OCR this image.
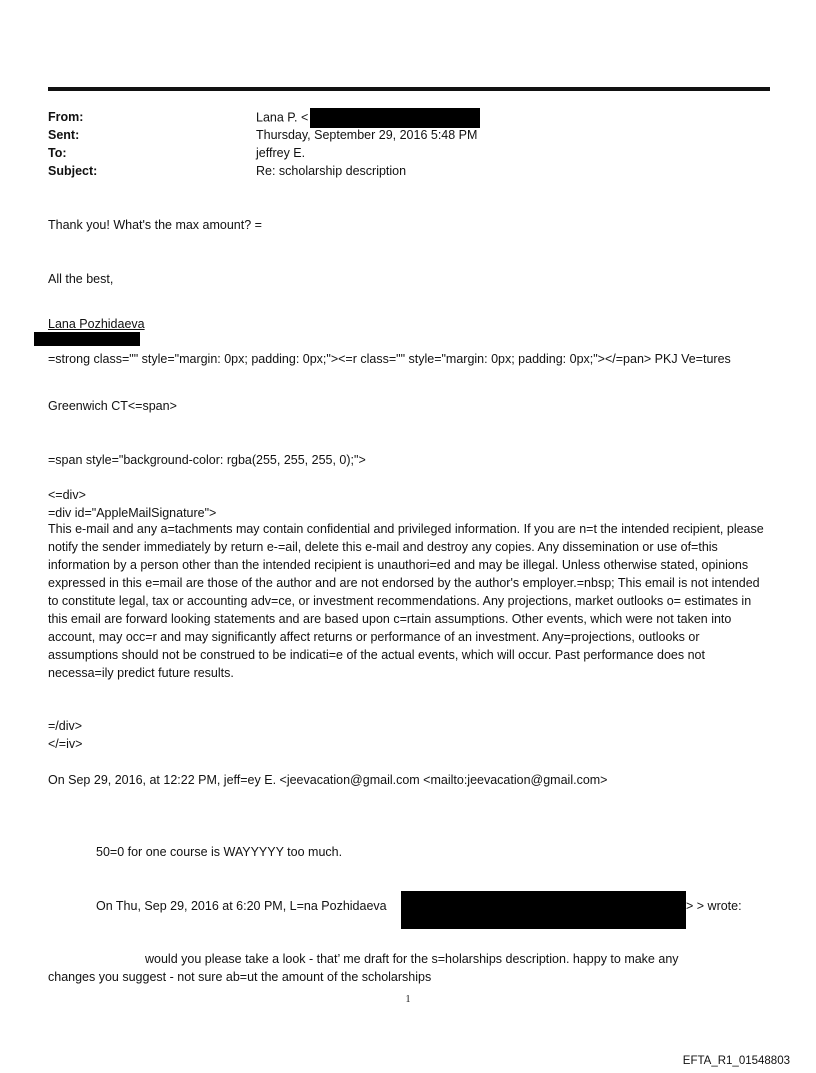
From:	Lana P. <
Sent:	Thursday, September 29, 2016 5:48 PM
To:	jeffrey E.
Subject:	Re: scholarship description
Thank you! What's the max amount? =
All the best,
Lana Pozhidaeva
=strong class="" style="margin: 0px; padding: 0px;"><=r class="" style="margin: 0px; padding: 0px;"></=pan> PKJ Ve=tures
Greenwich CT<=span>
=span style="background-color: rgba(255, 255, 255, 0);">
<=div>
=div id="AppleMailSignature">
This e-mail and any a=tachments may contain confidential and privileged information. If you are n=t the intended recipient, please notify the sender immediately by return e-=ail, delete this e-mail and destroy any copies. Any dissemination or use of=this information by a person other than the intended recipient is unauthori=ed and may be illegal. Unless otherwise stated, opinions expressed in this e=mail are those of the author and are not endorsed by the author's employer.=nbsp; This email is not intended to constitute legal, tax or accounting adv=ce, or investment recommendations. Any projections, market outlooks o= estimates in this email are forward looking statements and are based upon c=rtain assumptions. Other events, which were not taken into account, may occ=r and may significantly affect returns or performance of an investment. Any=projections, outlooks or assumptions should not be construed to be indicati=e of the actual events, which will occur. Past performance does not necessa=ily predict future results.
=/div>
</=iv>
On Sep 29, 2016, at 12:22 PM, jeff=ey E. <jeevacation@gmail.com <mailto:jeevacation@gmail.com>
50=0 for one course is WAYYYYY too much.
On Thu, Sep 29, 2016 at 6:20 PM, L=na Pozhidaeva	> > wrote:
would you please take a look - that’ me draft for the s=holarships description. happy to make any
changes you suggest - not sure ab=ut the amount of the scholarships
1
EFTA_R1_01548803
